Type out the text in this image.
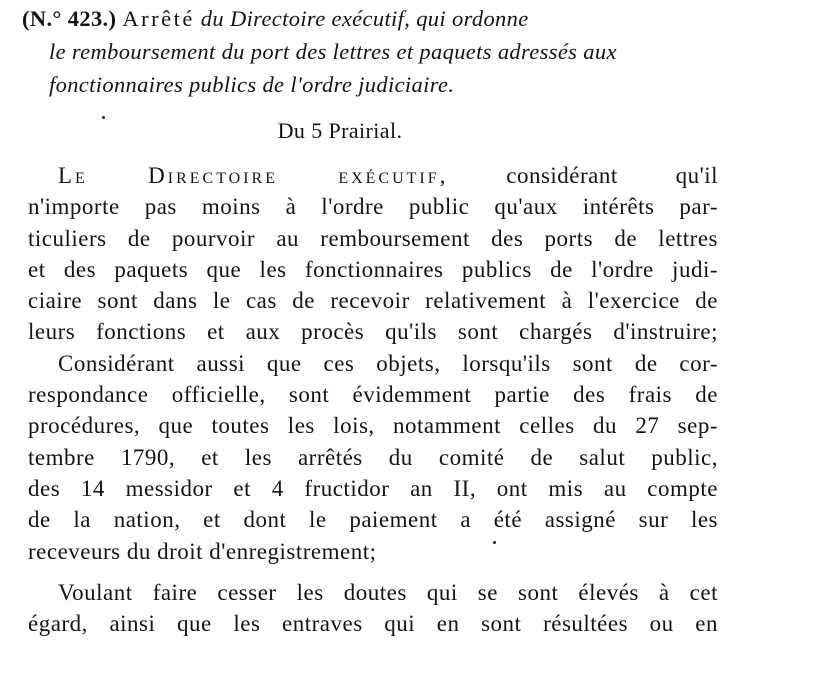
(N.° 423.) Arrêté du Directoire exécutif, qui ordonne
le remboursement du port des lettres et paquets adressés aux
fonctionnaires publics de l'ordre judiciaire.
Du 5 Prairial.
Le Directoire exécutif,	considérant qu'il
n'importe pas moins à l'ordre public qu'aux intérêts par-
ticuliers de pourvoir au remboursement des ports de lettres
et des paquets que les fonctionnaires publics de l'ordre judi-
ciaire sont dans le cas de recevoir relativement à l'exercice de
leurs fonctions et aux procès qu'ils sont chargés d'instruire;
Considérant aussi que ces objets, lorsqu'ils sont de cor-
respondance officielle, sont évidemment partie des frais de
procédures, que toutes les lois, notamment celles du 27 sep-
tembre 1790, et les arrêtés du comité de salut public,
des 14 messidor et 4 fructidor an II, ont mis au compte
de la nation, et dont le paiement a été assigné sur les
receveurs du droit d'enregistrement;
Voulant faire cesser les doutes qui se sont élevés à cet
égard, ainsi que les entraves qui en sont résultées ou en
